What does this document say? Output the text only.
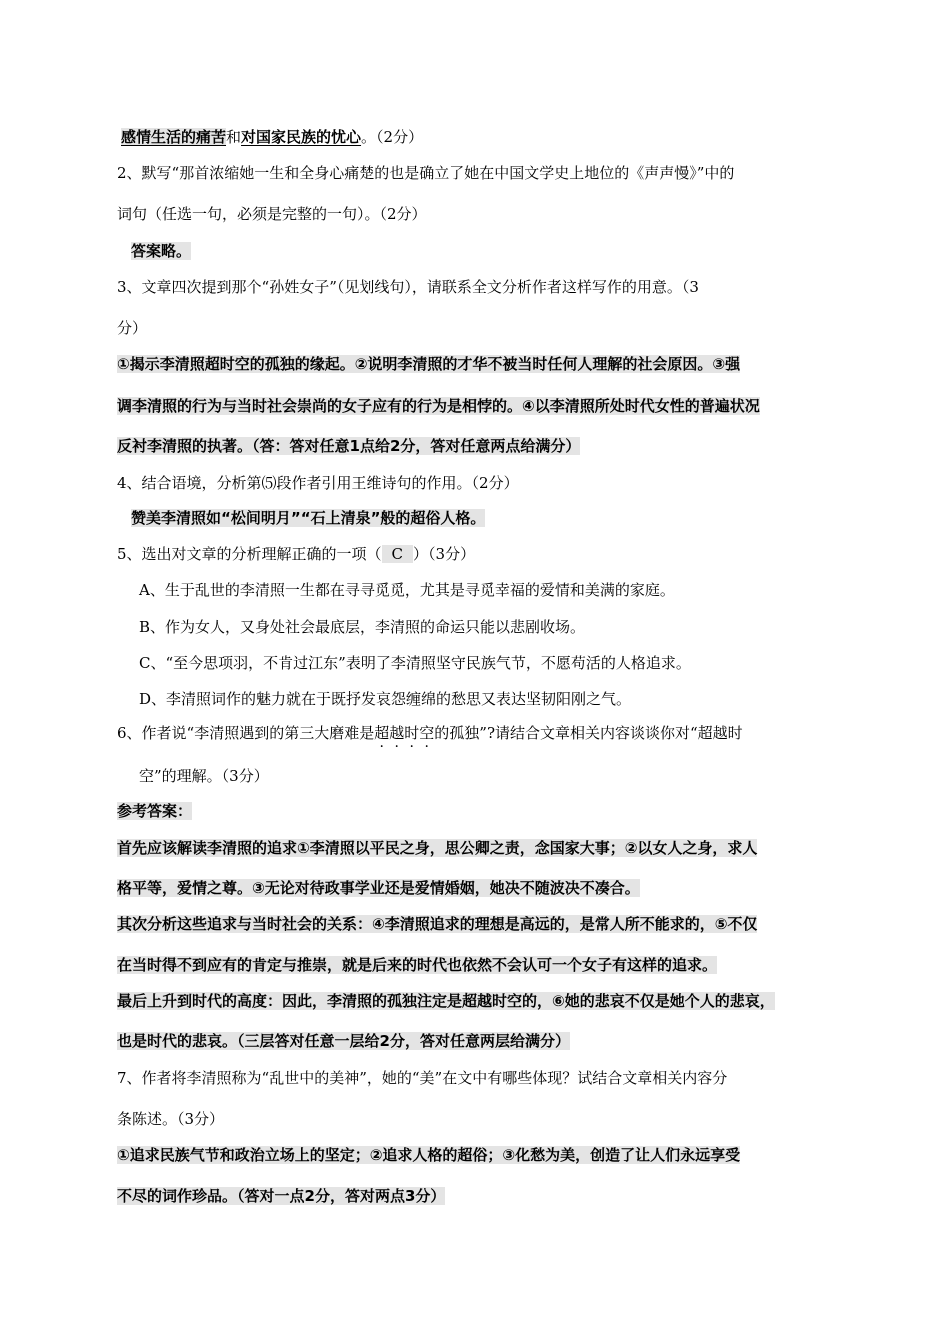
感情生活的痛苦和对国家民族的忧心。（2分）
2、默写“那首浓缩她一生和全身心痛楚的也是确立了她在中国文学史上地位的《声声慢》”中的
词句（任选一句，必须是完整的一句）。（2分）
答案略。
3、文章四次提到那个“孙姓女子”（见划线句），请联系全文分析作者这样写作的用意。（3
分）
①揭示李清照超时空的孤独的缘起。②说明李清照的才华不被当时任何人理解的社会原因。③强
调李清照的行为与当时社会崇尚的女子应有的行为是相悖的。④以李清照所处时代女性的普遍状况
反衬李清照的执著。（答：答对任意1点给2分，答对任意两点给满分）
4、结合语境，分析第⑸段作者引用王维诗句的作用。（2分）
赞美李清照如“松间明月”“石上清泉”般的超俗人格。
5、选出对文章的分析理解正确的一项（ C ）（3分）
A、生于乱世的李清照一生都在寻寻觅觅，尤其是寻觅幸福的爱情和美满的家庭。
B、作为女人，又身处社会最底层，李清照的命运只能以悲剧收场。
C、“至今思项羽，不肯过江东”表明了李清照坚守民族气节，不愿苟活的人格追求。
D、李清照词作的魅力就在于既抒发哀怨缠绵的愁思又表达坚韧阳刚之气。
6、作者说“李清照遇到的第三大磨难是超越时空的孤独”?请结合文章相关内容谈谈你对“超越时
空”的理解。（3分）
参考答案：
首先应该解读李清照的追求①李清照以平民之身，思公卿之责，念国家大事；②以女人之身，求人
格平等，爱情之尊。③无论对待政事学业还是爱情婚姻，她决不随波决不凑合。
其次分析这些追求与当时社会的关系：④李清照追求的理想是高远的，是常人所不能求的，⑤不仅
在当时得不到应有的肯定与推崇，就是后来的时代也依然不会认可一个女子有这样的追求。
最后上升到时代的高度：因此，李清照的孤独注定是超越时空的，⑥她的悲哀不仅是她个人的悲哀，
也是时代的悲哀。（三层答对任意一层给2分，答对任意两层给满分）
7、作者将李清照称为“乱世中的美神”，她的“美”在文中有哪些体现？试结合文章相关内容分
条陈述。（3分）
①追求民族气节和政治立场上的坚定；②追求人格的超俗；③化愁为美，创造了让人们永远享受
不尽的词作珍品。（答对一点2分，答对两点3分）
